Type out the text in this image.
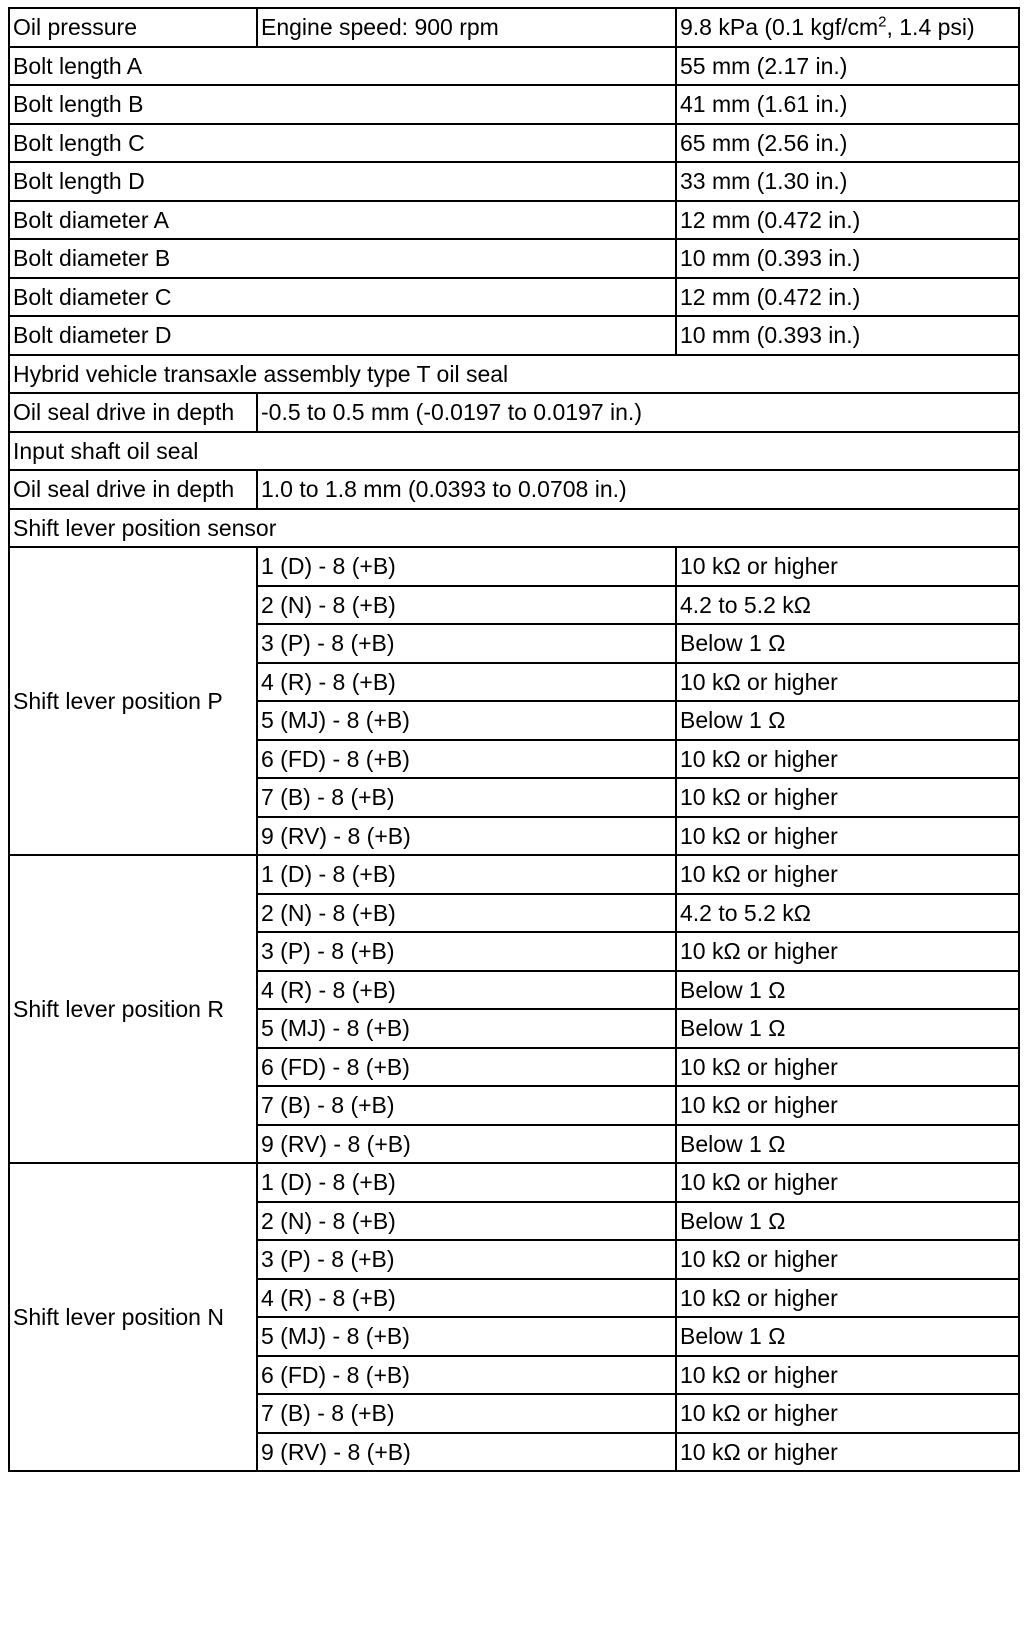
Oil pressure	Engine speed: 900 rpm	9.8 kPa (0.1 kgf/$cm^2$, 1.4 psi)
Bolt length A		55 mm (2.17 in.)
Bolt length B		41 mm (1.61 in.)
Bolt length C		65 mm (2.56 in.)
Bolt length D		33 mm (1.30 in.)
Bolt diameter A		12 mm (0.472 in.)
Bolt diameter B		10 mm (0.393 in.)
Bolt diameter C		12 mm (0.472 in.)
Bolt diameter D		10 mm (0.393 in.)
Hybrid vehicle transaxle assembly type T oil seal		
Oil seal drive in depth	-0.5 to 0.5 mm (-0.0197 to 0.0197 in.)	
Input shaft oil seal		
Oil seal drive in depth	1.0 to 1.8 mm (0.0393 to 0.0708 in.)	
Shift lever position sensor		
Shift lever position P	1 (D) - 8 (+B)	10 kΩ or higher
	2 (N) - 8 (+B)	4.2 to 5.2 kΩ
	3 (P) - 8 (+B)	Below 1 Ω
	4 (R) - 8 (+B)	10 kΩ or higher
	5 (MJ) - 8 (+B)	Below 1 Ω
	6 (FD) - 8 (+B)	10 kΩ or higher
	7 (B) - 8 (+B)	10 kΩ or higher
	9 (RV) - 8 (+B)	10 kΩ or higher
Shift lever position R	1 (D) - 8 (+B)	10 kΩ or higher
	2 (N) - 8 (+B)	4.2 to 5.2 kΩ
	3 (P) - 8 (+B)	10 kΩ or higher
	4 (R) - 8 (+B)	Below 1 Ω
	5 (MJ) - 8 (+B)	Below 1 Ω
	6 (FD) - 8 (+B)	10 kΩ or higher
	7 (B) - 8 (+B)	10 kΩ or higher
	9 (RV) - 8 (+B)	Below 1 Ω
Shift lever position N	1 (D) - 8 (+B)	10 kΩ or higher
	2 (N) - 8 (+B)	Below 1 Ω
	3 (P) - 8 (+B)	10 kΩ or higher
	4 (R) - 8 (+B)	10 kΩ or higher
	5 (MJ) - 8 (+B)	Below 1 Ω
	6 (FD) - 8 (+B)	10 kΩ or higher
	7 (B) - 8 (+B)	10 kΩ or higher
	9 (RV) - 8 (+B)	10 kΩ or higher
